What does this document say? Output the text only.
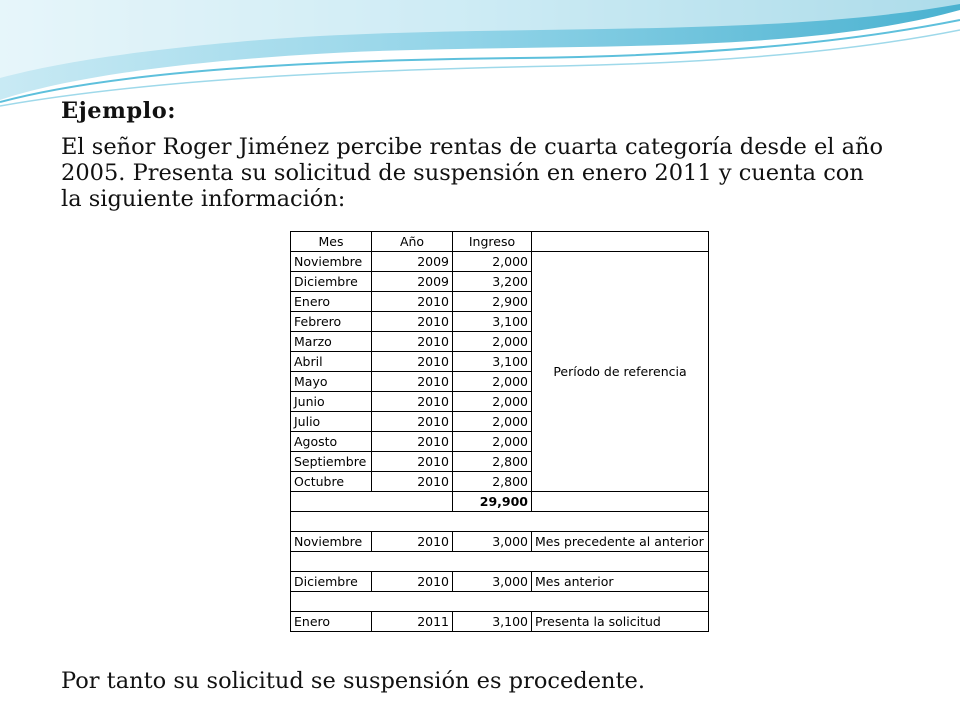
Ejemplo:
El señor Roger Jiménez percibe rentas de cuarta categoría desde el año 2005. Presenta su solicitud de suspensión en enero 2011 y cuenta con la siguiente información:
Mes	Año	Ingreso	
Noviembre	2009	2,000	Período de referencia
Diciembre	2009	3,200	
Enero	2010	2,900	
Febrero	2010	3,100	
Marzo	2010	2,000	
Abril	2010	3,100	
Mayo	2010	2,000	
Junio	2010	2,000	
Julio	2010	2,000	
Agosto	2010	2,000	
Septiembre	2010	2,800	
Octubre	2010	2,800	
		29,900	

Noviembre	2010	3,000	Mes precedente al anterior

Diciembre	2010	3,000	Mes anterior

Enero	2011	3,100	Presenta la solicitud
Por tanto su solicitud se suspensión es procedente.
